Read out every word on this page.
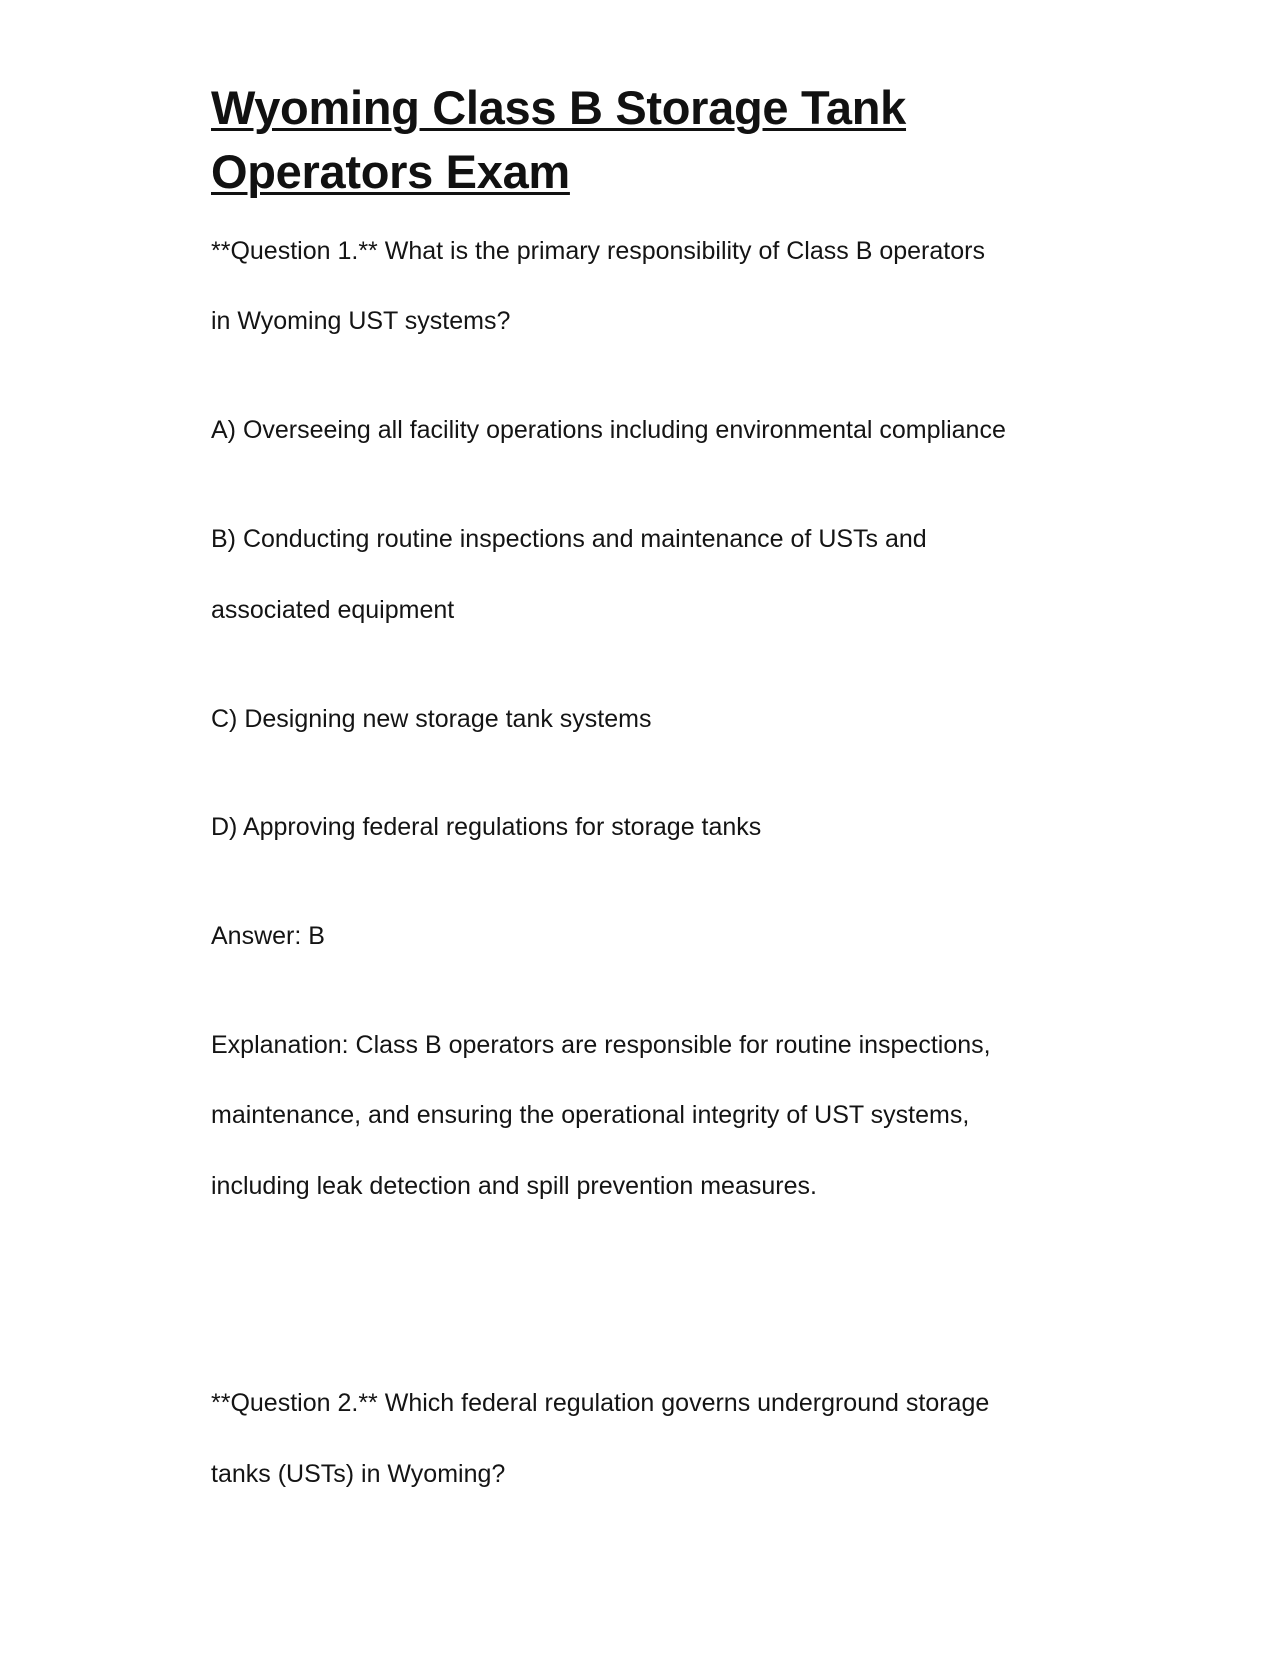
Wyoming Class B Storage Tank
Operators Exam

**Question 1.** What is the primary responsibility of Class B operators

in Wyoming UST systems?

A) Overseeing all facility operations including environmental compliance

B) Conducting routine inspections and maintenance of USTs and

associated equipment

C) Designing new storage tank systems

D) Approving federal regulations for storage tanks

Answer: B

Explanation: Class B operators are responsible for routine inspections,

maintenance, and ensuring the operational integrity of UST systems,

including leak detection and spill prevention measures.

**Question 2.** Which federal regulation governs underground storage

tanks (USTs) in Wyoming?
